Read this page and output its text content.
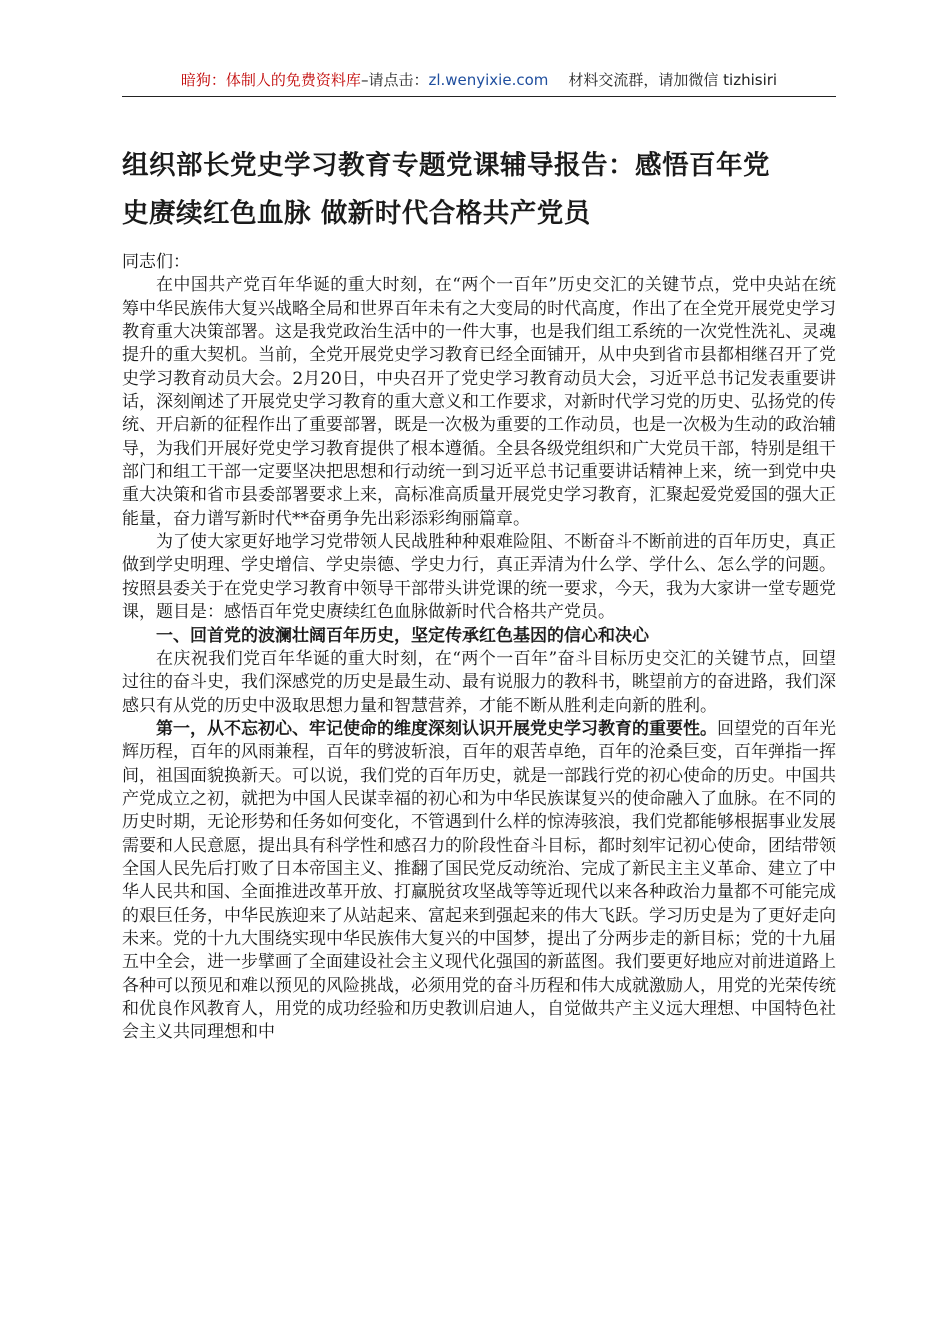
暗狗：体制人的免费资料库–请点击：zl.wenyixie.com 材料交流群，请加微信 tizhisiri
组织部长党史学习教育专题党课辅导报告：感悟百年党
史赓续红色血脉 做新时代合格共产党员

同志们：

在中国共产党百年华诞的重大时刻，在“两个一百年”历史交汇的关键节点，党中央站在统筹中华民族伟大复兴战略全局和世界百年未有之大变局的时代高度，作出了在全党开展党史学习教育重大决策部署。这是我党政治生活中的一件大事，也是我们组工系统的一次党性洗礼、灵魂提升的重大契机。当前，全党开展党史学习教育已经全面铺开，从中央到省市县都相继召开了党史学习教育动员大会。2月20日，中央召开了党史学习教育动员大会，习近平总书记发表重要讲话，深刻阐述了开展党史学习教育的重大意义和工作要求，对新时代学习党的历史、弘扬党的传统、开启新的征程作出了重要部署，既是一次极为重要的工作动员，也是一次极为生动的政治辅导，为我们开展好党史学习教育提供了根本遵循。全县各级党组织和广大党员干部，特别是组干部门和组工干部一定要坚决把思想和行动统一到习近平总书记重要讲话精神上来，统一到党中央重大决策和省市县委部署要求上来，高标准高质量开展党史学习教育，汇聚起爱党爱国的强大正能量，奋力谱写新时代**奋勇争先出彩添彩绚丽篇章。

为了使大家更好地学习党带领人民战胜种种艰难险阻、不断奋斗不断前进的百年历史，真正做到学史明理、学史增信、学史崇德、学史力行，真正弄清为什么学、学什么、怎么学的问题。按照县委关于在党史学习教育中领导干部带头讲党课的统一要求，今天，我为大家讲一堂专题党课，题目是：感悟百年党史赓续红色血脉做新时代合格共产党员。

一、回首党的波澜壮阔百年历史，坚定传承红色基因的信心和决心

在庆祝我们党百年华诞的重大时刻，在“两个一百年”奋斗目标历史交汇的关键节点，回望过往的奋斗史，我们深感党的历史是最生动、最有说服力的教科书，眺望前方的奋进路，我们深感只有从党的历史中汲取思想力量和智慧营养，才能不断从胜利走向新的胜利。

第一，从不忘初心、牢记使命的维度深刻认识开展党史学习教育的重要性。回望党的百年光辉历程，百年的风雨兼程，百年的劈波斩浪，百年的艰苦卓绝，百年的沧桑巨变，百年弹指一挥间，祖国面貌换新天。可以说，我们党的百年历史，就是一部践行党的初心使命的历史。中国共产党成立之初，就把为中国人民谋幸福的初心和为中华民族谋复兴的使命融入了血脉。在不同的历史时期，无论形势和任务如何变化，不管遇到什么样的惊涛骇浪，我们党都能够根据事业发展需要和人民意愿，提出具有科学性和感召力的阶段性奋斗目标，都时刻牢记初心使命，团结带领全国人民先后打败了日本帝国主义、推翻了国民党反动统治、完成了新民主主义革命、建立了中华人民共和国、全面推进改革开放、打赢脱贫攻坚战等等近现代以来各种政治力量都不可能完成的艰巨任务，中华民族迎来了从站起来、富起来到强起来的伟大飞跃。学习历史是为了更好走向未来。党的十九大围绕实现中华民族伟大复兴的中国梦，提出了分两步走的新目标；党的十九届五中全会，进一步擘画了全面建设社会主义现代化强国的新蓝图。我们要更好地应对前进道路上各种可以预见和难以预见的风险挑战，必须用党的奋斗历程和伟大成就激励人，用党的光荣传统和优良作风教育人，用党的成功经验和历史教训启迪人，自觉做共产主义远大理想、中国特色社会主义共同理想和中
